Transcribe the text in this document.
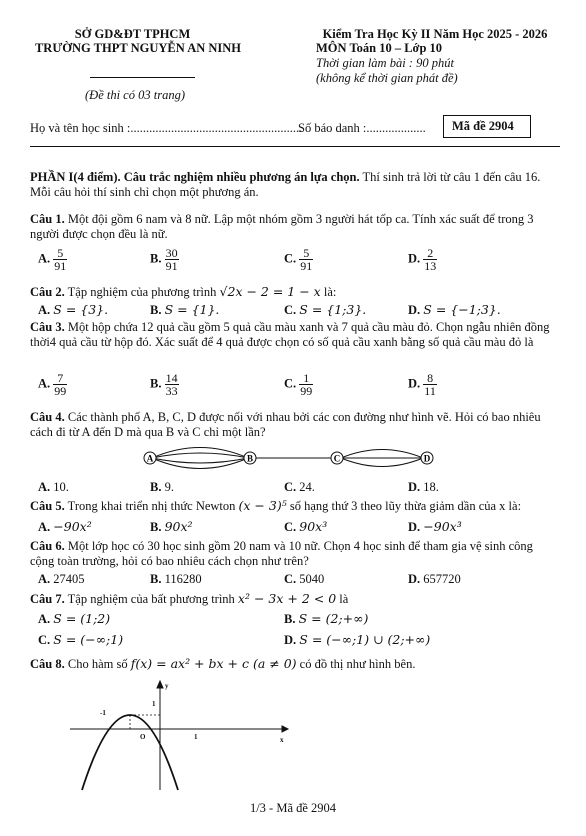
SỞ GD&ĐT TPHCM
TRƯỜNG THPT NGUYỄN AN NINH
(Đề thi có 03 trang)
Kiểm Tra Học Kỳ II Năm Học 2025 - 2026
MÔN Toán 10 – Lớp 10
Thời gian làm bài : 90 phút
(không kể thời gian phát đề)
Họ và tên học sinh :.......................................................
Số báo danh :...................	Mã đề 2904
PHẦN I(4 điểm). Câu trắc nghiệm nhiều phương án lựa chọn. Thí sinh trả lời từ câu 1 đến câu 16.
Mỗi câu hỏi thí sinh chỉ chọn một phương án.
Câu 1. Một đội gồm 6 nam và 8 nữ. Lập một nhóm gồm 3 người hát tốp ca. Tính xác suất để trong 3 người được chọn đều là nữ.
A. $\frac{5}{91}$	B. $\frac{30}{91}$	C. $\frac{5}{91}$	D. $\frac{2}{13}$
Câu 2. Tập nghiệm của phương trình √2x − 2 = 1 − x là:
A. S = {3}.	B. S = {1}.	C. S = {1;3}.	D. S = {−1;3}.
Câu 3. Một hộp chứa 12 quả cầu gồm 5 quả cầu màu xanh và 7 quả cầu màu đỏ. Chọn ngẫu nhiên đồng thời4 quả cầu từ hộp đó. Xác suất để 4 quả được chọn có số quả cầu xanh bằng số quả cầu màu đỏ là
A. $\frac{7}{99}$	B. $\frac{14}{33}$	C. $\frac{1}{99}$	D. $\frac{8}{11}$
Câu 4. Các thành phố A, B, C, D được nối với nhau bởi các con đường như hình vẽ. Hỏi có bao nhiêu cách đi từ A đến D mà qua B và C chỉ một lần?
A	B	C	D
A. 10.	B. 9.	C. 24.	D. 18.
Câu 5. Trong khai triển nhị thức Newton (x − 3)⁵ số hạng thứ 3 theo lũy thừa giảm dần của x là:
A. −90x²	B. 90x²	C. 90x³	D. −90x³
Câu 6. Một lớp học có 30 học sinh gồm 20 nam và 10 nữ. Chọn 4 học sinh để tham gia vệ sinh công cộng toàn trường, hỏi có bao nhiêu cách chọn như trên?
A. 27405	B. 116280	C. 5040	D. 657720
Câu 7. Tập nghiệm của bất phương trình x² − 3x + 2 < 0 là
A. S = (1;2)	B. S = (2;+∞)
C. S = (−∞;1)	D. S = (−∞;1) ∪ (2;+∞)
Câu 8. Cho hàm số f(x) = ax² + bx + c (a ≠ 0) có đồ thị như hình bên.
y
x
1
-1
O	1
1/3 - Mã đề 2904
